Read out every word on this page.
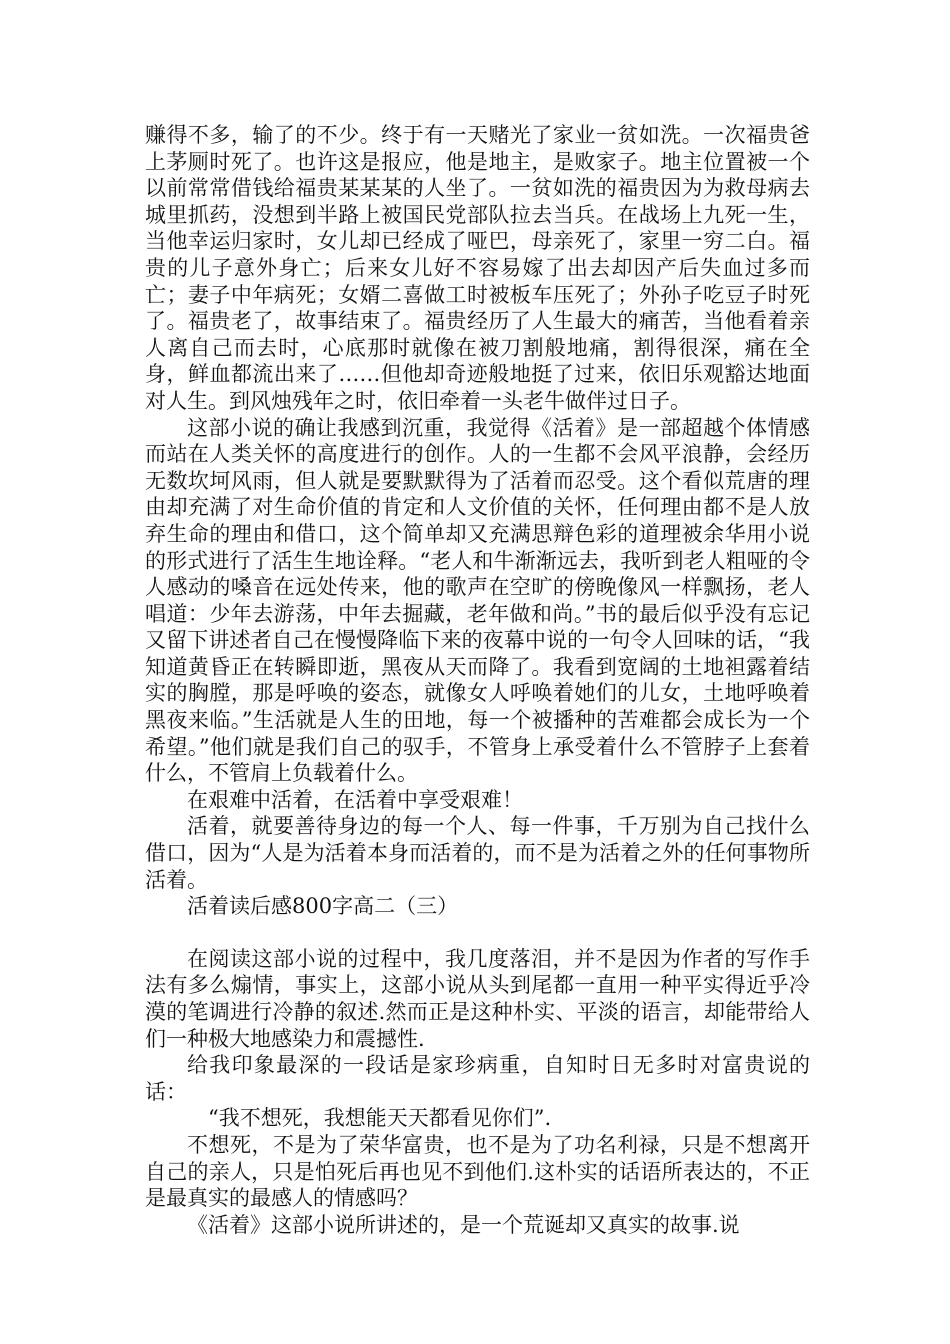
赚得不多，输了的不少。终于有一天赌光了家业一贫如洗。一次福贵爸上茅厕时死了。也许这是报应，他是地主，是败家子。地主位置被一个以前常常借钱给福贵某某某的人坐了。一贫如洗的福贵因为为救母病去城里抓药，没想到半路上被国民党部队拉去当兵。在战场上九死一生，当他幸运归家时，女儿却已经成了哑巴，母亲死了，家里一穷二白。福贵的儿子意外身亡；后来女儿好不容易嫁了出去却因产后失血过多而亡；妻子中年病死；女婿二喜做工时被板车压死了；外孙子吃豆子时死了。福贵老了，故事结束了。福贵经历了人生最大的痛苦，当他看着亲人离自己而去时，心底那时就像在被刀割般地痛，割得很深，痛在全身，鲜血都流出来了……但他却奇迹般地挺了过来，依旧乐观豁达地面对人生。到风烛残年之时，依旧牵着一头老牛做伴过日子。

这部小说的确让我感到沉重，我觉得《活着》是一部超越个体情感而站在人类关怀的高度进行的创作。人的一生都不会风平浪静，会经历无数坎坷风雨，但人就是要默默得为了活着而忍受。这个看似荒唐的理由却充满了对生命价值的肯定和人文价值的关怀，任何理由都不是人放弃生命的理由和借口，这个简单却又充满思辩色彩的道理被余华用小说的形式进行了活生生地诠释。“老人和牛渐渐远去，我听到老人粗哑的令人感动的嗓音在远处传来，他的歌声在空旷的傍晚像风一样飘扬，老人唱道：少年去游荡，中年去掘藏，老年做和尚。”书的最后似乎没有忘记又留下讲述者自己在慢慢降临下来的夜幕中说的一句令人回味的话，“我知道黄昏正在转瞬即逝，黑夜从天而降了。我看到宽阔的土地袒露着结实的胸膛，那是呼唤的姿态，就像女人呼唤着她们的儿女，土地呼唤着黑夜来临。”生活就是人生的田地，每一个被播种的苦难都会成长为一个希望。”他们就是我们自己的驭手，不管身上承受着什么不管脖子上套着什么，不管肩上负载着什么。

在艰难中活着，在活着中享受艰难！

活着，就要善待身边的每一个人、每一件事，千万别为自己找什么借口，因为“人是为活着本身而活着的，而不是为活着之外的任何事物所活着。

活着读后感800字高二（三）

在阅读这部小说的过程中，我几度落泪，并不是因为作者的写作手法有多么煽情，事实上，这部小说从头到尾都一直用一种平实得近乎冷漠的笔调进行冷静的叙述.然而正是这种朴实、平淡的语言，却能带给人们一种极大地感染力和震撼性.

给我印象最深的一段话是家珍病重，自知时日无多时对富贵说的话：

“我不想死，我想能天天都看见你们”.

不想死，不是为了荣华富贵，也不是为了功名利禄，只是不想离开自己的亲人，只是怕死后再也见不到他们.这朴实的话语所表达的，不正是最真实的最感人的情感吗？

《活着》这部小说所讲述的，是一个荒诞却又真实的故事.说
